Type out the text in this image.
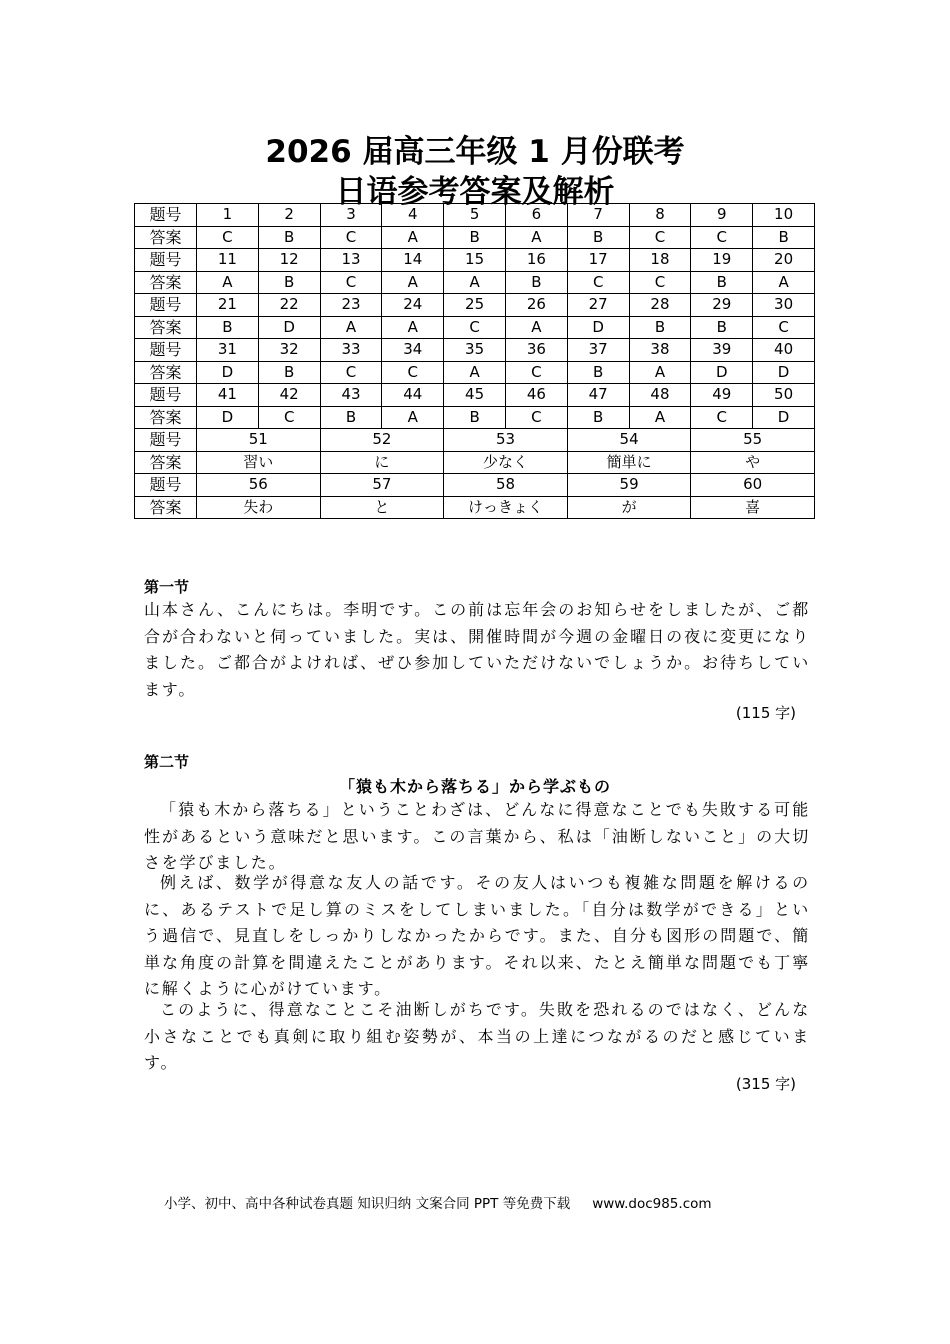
2026 届高三年级 1 月份联考
日语参考答案及解析
题号	1	2	3	4	5	6	7	8	9	10
答案	C	B	C	A	B	A	B	C	C	B
题号	11	12	13	14	15	16	17	18	19	20
答案	A	B	C	A	A	B	C	C	B	A
题号	21	22	23	24	25	26	27	28	29	30
答案	B	D	A	A	C	A	D	B	B	C
题号	31	32	33	34	35	36	37	38	39	40
答案	D	B	C	C	A	C	B	A	D	D
题号	41	42	43	44	45	46	47	48	49	50
答案	D	C	B	A	B	C	B	A	C	D
题号	51		52		53		54		55	
答案	習い		に		少なく		簡単に		や	
题号	56		57		58		59		60	
答案	失わ		と		けっきょく		が		喜	
第一节
山本さん、こんにちは。李明です。この前は忘年会のお知らせをしましたが、ご都合が合わないと伺っていました。実は、開催時間が今週の金曜日の夜に変更になりました。ご都合がよければ、ぜひ参加していただけないでしょうか。お待ちしています。
(115 字)
第二节
「猿も木から落ちる」から学ぶもの
「猿も木から落ちる」ということわざは、どんなに得意なことでも失敗する可能性があるという意味だと思います。この言葉から、私は「油断しないこと」の大切さを学びました。
例えば、数学が得意な友人の話です。その友人はいつも複雑な問題を解けるのに、あるテストで足し算のミスをしてしまいました。「自分は数学ができる」という過信で、見直しをしっかりしなかったからです。また、自分も図形の問題で、簡単な角度の計算を間違えたことがあります。それ以来、たとえ簡単な問題でも丁寧に解くように心がけています。
このように、得意なことこそ油断しがちです。失敗を恐れるのではなく、どんな小さなことでも真剣に取り組む姿勢が、本当の上達につながるのだと感じています。
(315 字)
小学、初中、高中各种试卷真题 知识归纳 文案合同 PPT 等免费下载 www.doc985.com
